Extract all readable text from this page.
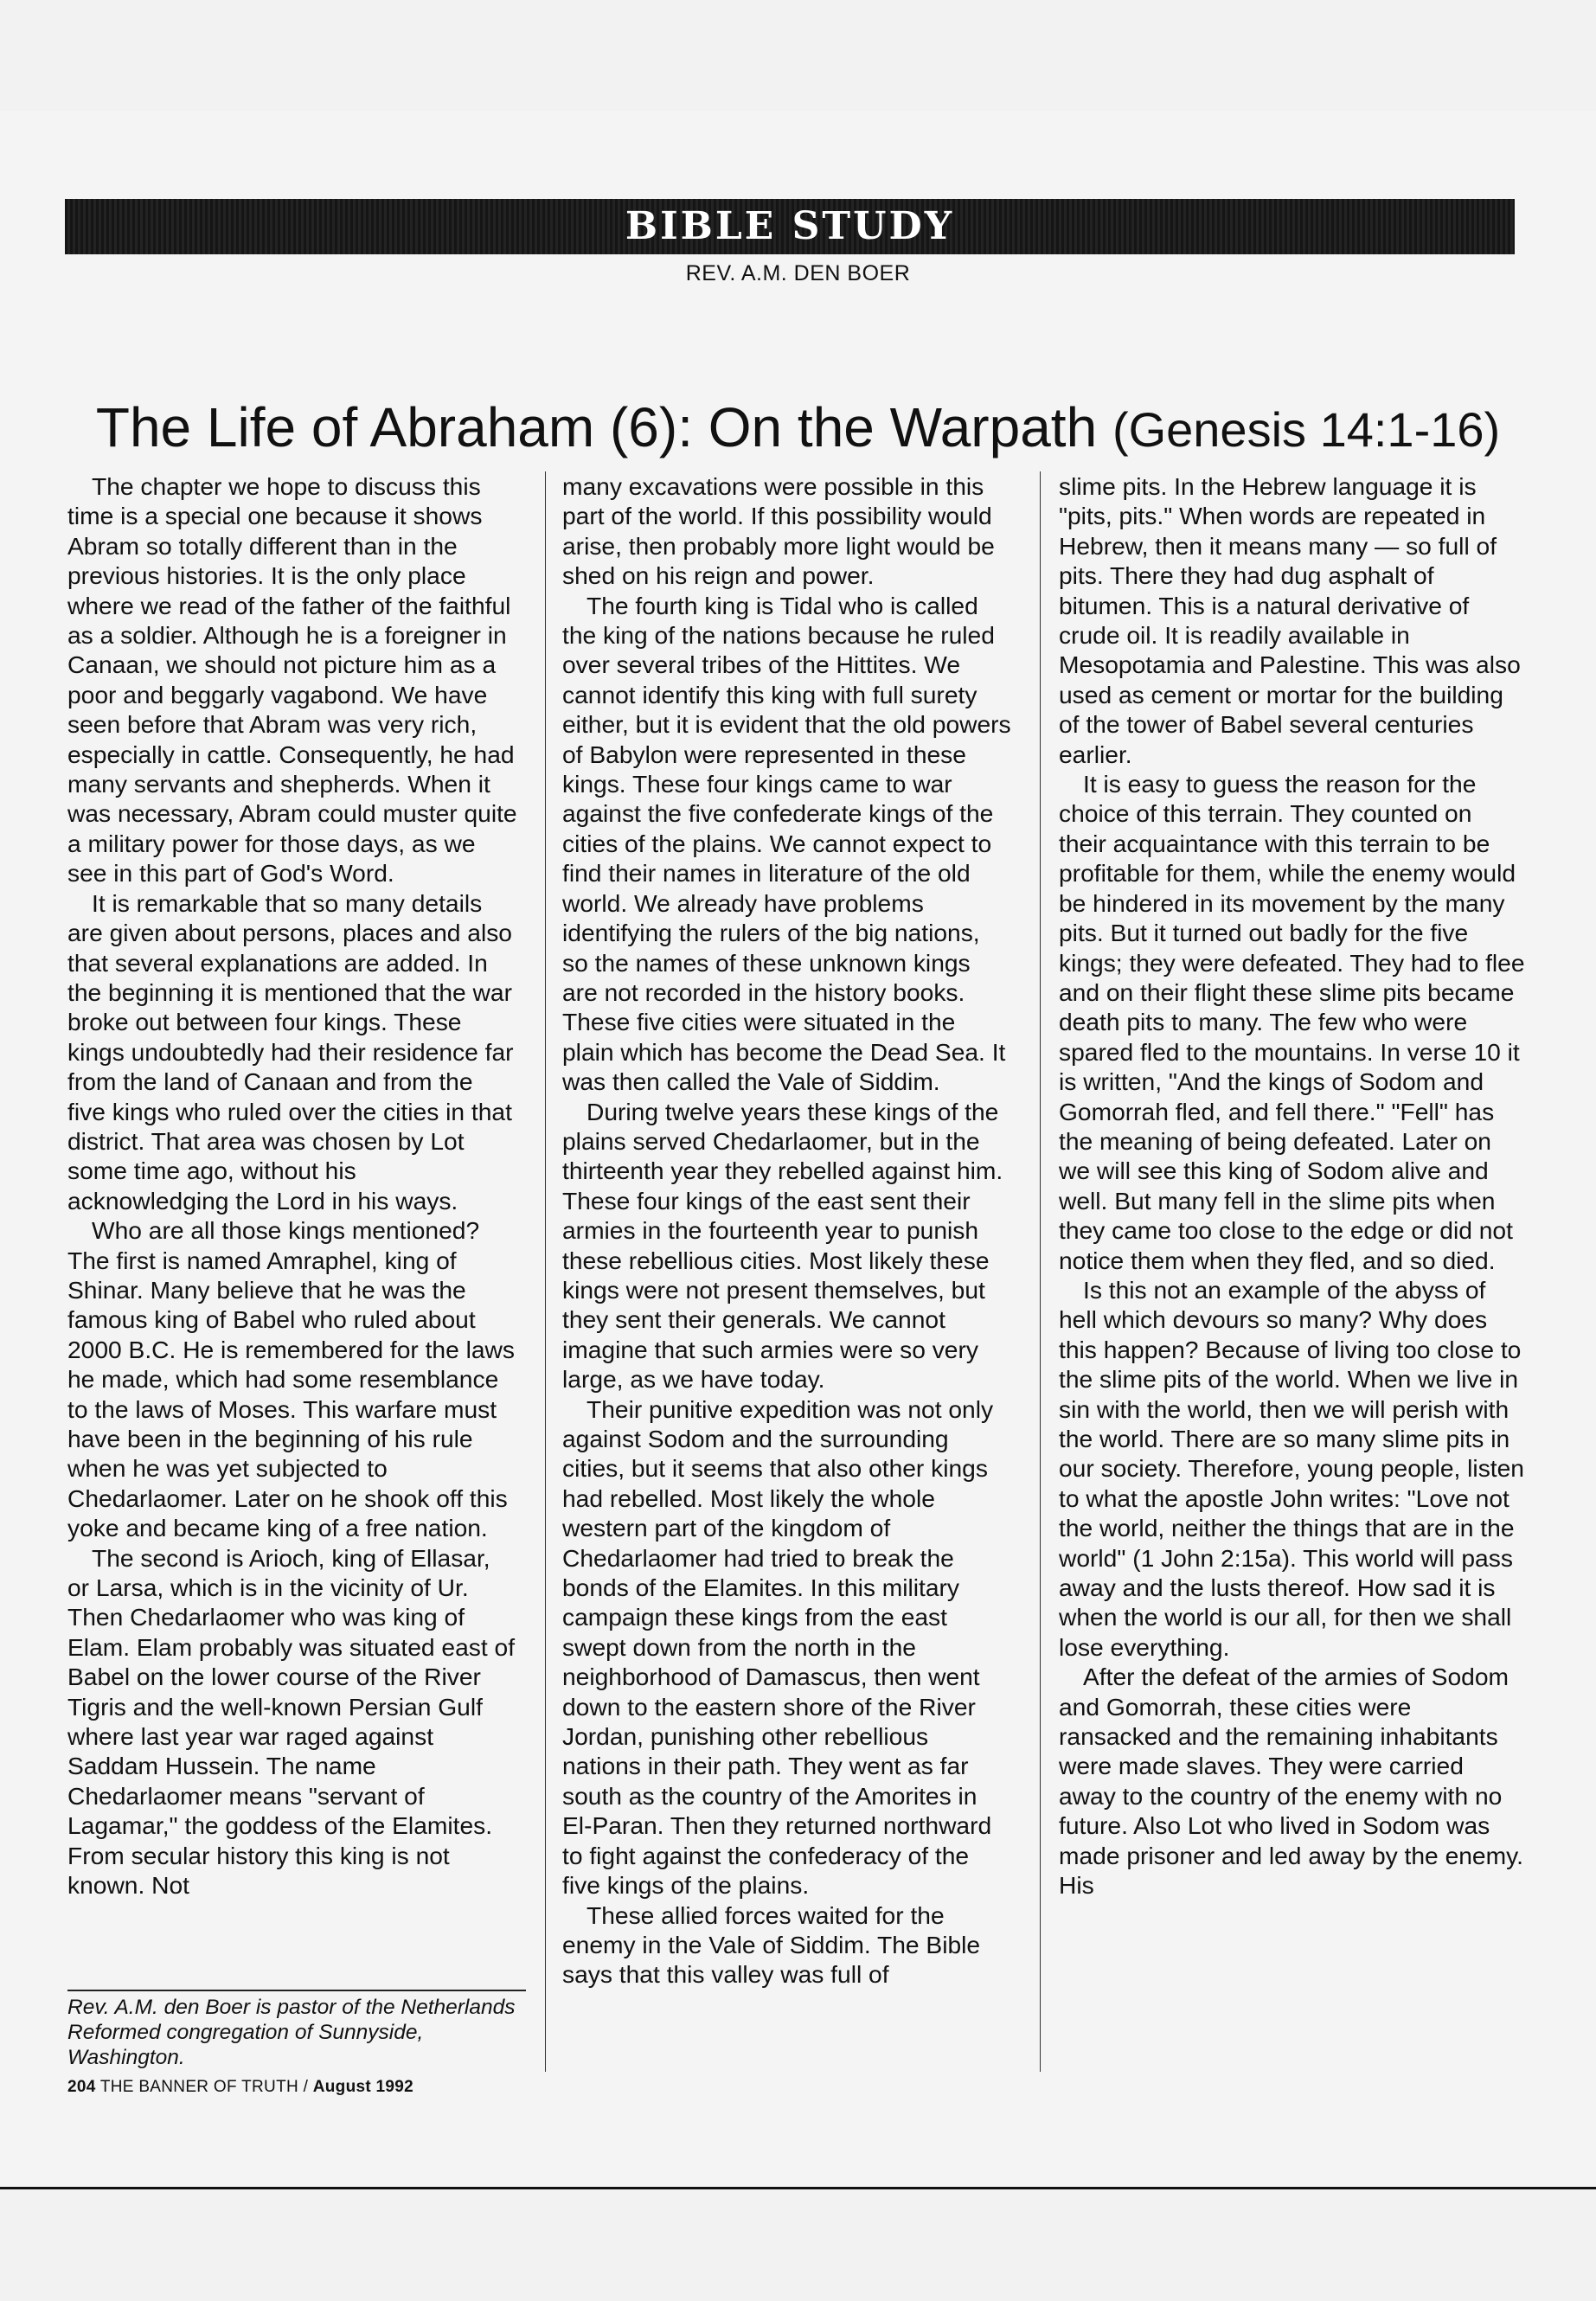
BIBLE STUDY
REV. A.M. DEN BOER
The Life of Abraham (6): On the Warpath (Genesis 14:1-16)

The chapter we hope to discuss this time is a special one because it shows Abram so totally different than in the previous histories. It is the only place where we read of the father of the faithful as a soldier. Although he is a foreigner in Canaan, we should not picture him as a poor and beggarly vagabond. We have seen before that Abram was very rich, especially in cattle. Consequently, he had many servants and shepherds. When it was necessary, Abram could muster quite a military power for those days, as we see in this part of God's Word.

It is remarkable that so many details are given about persons, places and also that several explanations are added. In the beginning it is mentioned that the war broke out between four kings. These kings undoubtedly had their residence far from the land of Canaan and from the five kings who ruled over the cities in that district. That area was chosen by Lot some time ago, without his acknowledging the Lord in his ways.

Who are all those kings mentioned? The first is named Amraphel, king of Shinar. Many believe that he was the famous king of Babel who ruled about 2000 B.C. He is remembered for the laws he made, which had some resemblance to the laws of Moses. This warfare must have been in the beginning of his rule when he was yet subjected to Chedarlaomer. Later on he shook off this yoke and became king of a free nation.

The second is Arioch, king of Ellasar, or Larsa, which is in the vicinity of Ur. Then Chedarlaomer who was king of Elam. Elam probably was situated east of Babel on the lower course of the River Tigris and the well-known Persian Gulf where last year war raged against Saddam Hussein. The name Chedarlaomer means "servant of Lagamar," the goddess of the Elamites. From secular history this king is not known. Not

many excavations were possible in this part of the world. If this possibility would arise, then probably more light would be shed on his reign and power.

The fourth king is Tidal who is called the king of the nations because he ruled over several tribes of the Hittites. We cannot identify this king with full surety either, but it is evident that the old powers of Babylon were represented in these kings. These four kings came to war against the five confederate kings of the cities of the plains. We cannot expect to find their names in literature of the old world. We already have problems identifying the rulers of the big nations, so the names of these unknown kings are not recorded in the history books. These five cities were situated in the plain which has become the Dead Sea. It was then called the Vale of Siddim.

During twelve years these kings of the plains served Chedarlaomer, but in the thirteenth year they rebelled against him. These four kings of the east sent their armies in the fourteenth year to punish these rebellious cities. Most likely these kings were not present themselves, but they sent their generals. We cannot imagine that such armies were so very large, as we have today.

Their punitive expedition was not only against Sodom and the surrounding cities, but it seems that also other kings had rebelled. Most likely the whole western part of the kingdom of Chedarlaomer had tried to break the bonds of the Elamites. In this military campaign these kings from the east swept down from the north in the neighborhood of Damascus, then went down to the eastern shore of the River Jordan, punishing other rebellious nations in their path. They went as far south as the country of the Amorites in El-Paran. Then they returned northward to fight against the confederacy of the five kings of the plains.

These allied forces waited for the enemy in the Vale of Siddim. The Bible says that this valley was full of

slime pits. In the Hebrew language it is "pits, pits." When words are repeated in Hebrew, then it means many — so full of pits. There they had dug asphalt of bitumen. This is a natural derivative of crude oil. It is readily available in Mesopotamia and Palestine. This was also used as cement or mortar for the building of the tower of Babel several centuries earlier.

It is easy to guess the reason for the choice of this terrain. They counted on their acquaintance with this terrain to be profitable for them, while the enemy would be hindered in its movement by the many pits. But it turned out badly for the five kings; they were defeated. They had to flee and on their flight these slime pits became death pits to many. The few who were spared fled to the mountains. In verse 10 it is written, "And the kings of Sodom and Gomorrah fled, and fell there." "Fell" has the meaning of being defeated. Later on we will see this king of Sodom alive and well. But many fell in the slime pits when they came too close to the edge or did not notice them when they fled, and so died.

Is this not an example of the abyss of hell which devours so many? Why does this happen? Because of living too close to the slime pits of the world. When we live in sin with the world, then we will perish with the world. There are so many slime pits in our society. Therefore, young people, listen to what the apostle John writes: "Love not the world, neither the things that are in the world" (1 John 2:15a). This world will pass away and the lusts thereof. How sad it is when the world is our all, for then we shall lose everything.

After the defeat of the armies of Sodom and Gomorrah, these cities were ransacked and the remaining inhabitants were made slaves. They were carried away to the country of the enemy with no future. Also Lot who lived in Sodom was made prisoner and led away by the enemy. His

Rev. A.M. den Boer is pastor of the Netherlands Reformed congregation of Sunnyside, Washington.
204 THE BANNER OF TRUTH / August 1992
